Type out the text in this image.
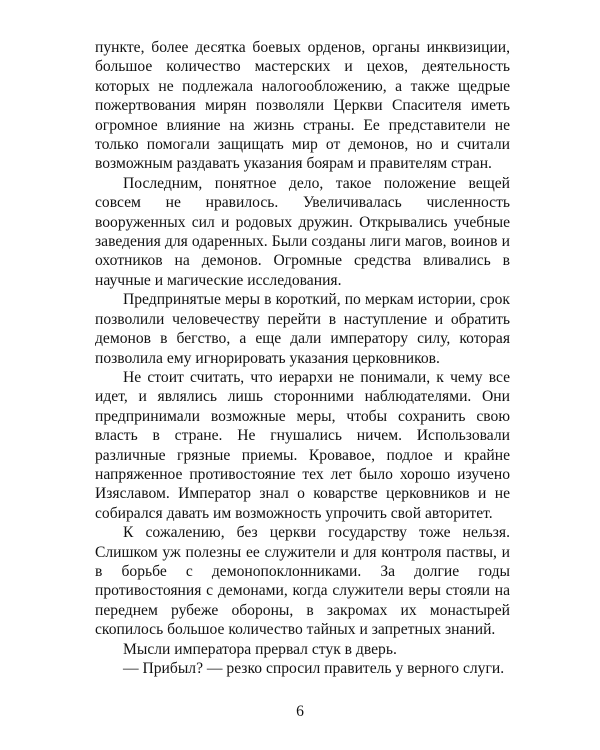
пункте, более десятка боевых орденов, органы инквизиции, большое количество мастерских и цехов, деятельность которых не подлежала налогообложению, а также щедрые пожертвования мирян позволяли Церкви Спасителя иметь огромное влияние на жизнь страны. Ее представители не только помогали защищать мир от демонов, но и считали возможным раздавать указания боярам и правителям стран.

Последним, понятное дело, такое положение вещей совсем не нравилось. Увеличивалась численность вооруженных сил и родовых дружин. Открывались учебные заведения для одаренных. Были созданы лиги магов, воинов и охотников на демонов. Огромные средства вливались в научные и магические исследования.

Предпринятые меры в короткий, по меркам истории, срок позволили человечеству перейти в наступление и обратить демонов в бегство, а еще дали императору силу, которая позволила ему игнорировать указания церковников.

Не стоит считать, что иерархи не понимали, к чему все идет, и являлись лишь сторонними наблюдателями. Они предпринимали возможные меры, чтобы сохранить свою власть в стране. Не гнушались ничем. Использовали различные грязные приемы. Кровавое, подлое и крайне напряженное противостояние тех лет было хорошо изучено Изяславом. Император знал о коварстве церковников и не собирался давать им возможность упрочить свой авторитет.

К сожалению, без церкви государству тоже нельзя. Слишком уж полезны ее служители и для контроля паствы, и в борьбе с демонопоклонниками. За долгие годы противостояния с демонами, когда служители веры стояли на переднем рубеже обороны, в закромах их монастырей скопилось большое количество тайных и запретных знаний.

Мысли императора прервал стук в дверь.

— Прибыл? — резко спросил правитель у верного слуги.

6
